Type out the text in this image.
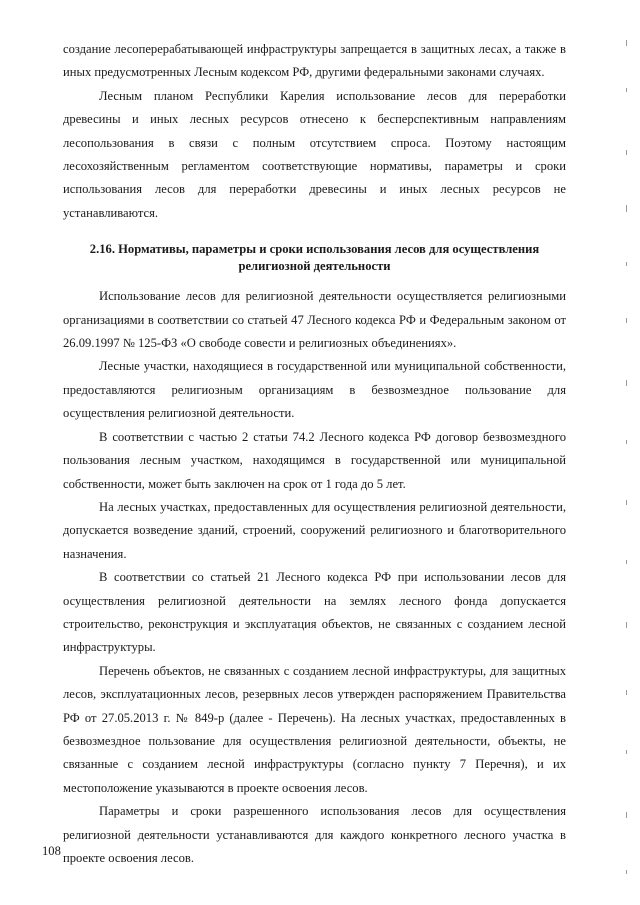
создание лесоперерабатывающей инфраструктуры запрещается в защитных лесах, а также в иных предусмотренных Лесным кодексом РФ, другими федеральными законами случаях.

Лесным планом Республики Карелия использование лесов для переработки древесины и иных лесных ресурсов отнесено к бесперспективным направлениям лесопользования в связи с полным отсутствием спроса. Поэтому настоящим лесохозяйственным регламентом соответствующие нормативы, параметры и сроки использования лесов для переработки древесины и иных лесных ресурсов не устанавливаются.

2.16. Нормативы, параметры и сроки использования лесов для осуществления религиозной деятельности

Использование лесов для религиозной деятельности осуществляется религиозными организациями в соответствии со статьей 47 Лесного кодекса РФ и Федеральным законом от 26.09.1997 № 125-ФЗ «О свободе совести и религиозных объединениях».

Лесные участки, находящиеся в государственной или муниципальной собственности, предоставляются религиозным организациям в безвозмездное пользование для осуществления религиозной деятельности.

В соответствии с частью 2 статьи 74.2 Лесного кодекса РФ договор безвозмездного пользования лесным участком, находящимся в государственной или муниципальной собственности, может быть заключен на срок от 1 года до 5 лет.

На лесных участках, предоставленных для осуществления религиозной деятельности, допускается возведение зданий, строений, сооружений религиозного и благотворительного назначения.

В соответствии со статьей 21 Лесного кодекса РФ при использовании лесов для осуществления религиозной деятельности на землях лесного фонда допускается строительство, реконструкция и эксплуатация объектов, не связанных с созданием лесной инфраструктуры.

Перечень объектов, не связанных с созданием лесной инфраструктуры, для защитных лесов, эксплуатационных лесов, резервных лесов утвержден распоряжением Правительства РФ от 27.05.2013 г. № 849-р (далее - Перечень). На лесных участках, предоставленных в безвозмездное пользование для осуществления религиозной деятельности, объекты, не связанные с созданием лесной инфраструктуры (согласно пункту 7 Перечня), и их местоположение указываются в проекте освоения лесов.

Параметры и сроки разрешенного использования лесов для осуществления религиозной деятельности устанавливаются для каждого конкретного лесного участка в проекте освоения лесов.

108
